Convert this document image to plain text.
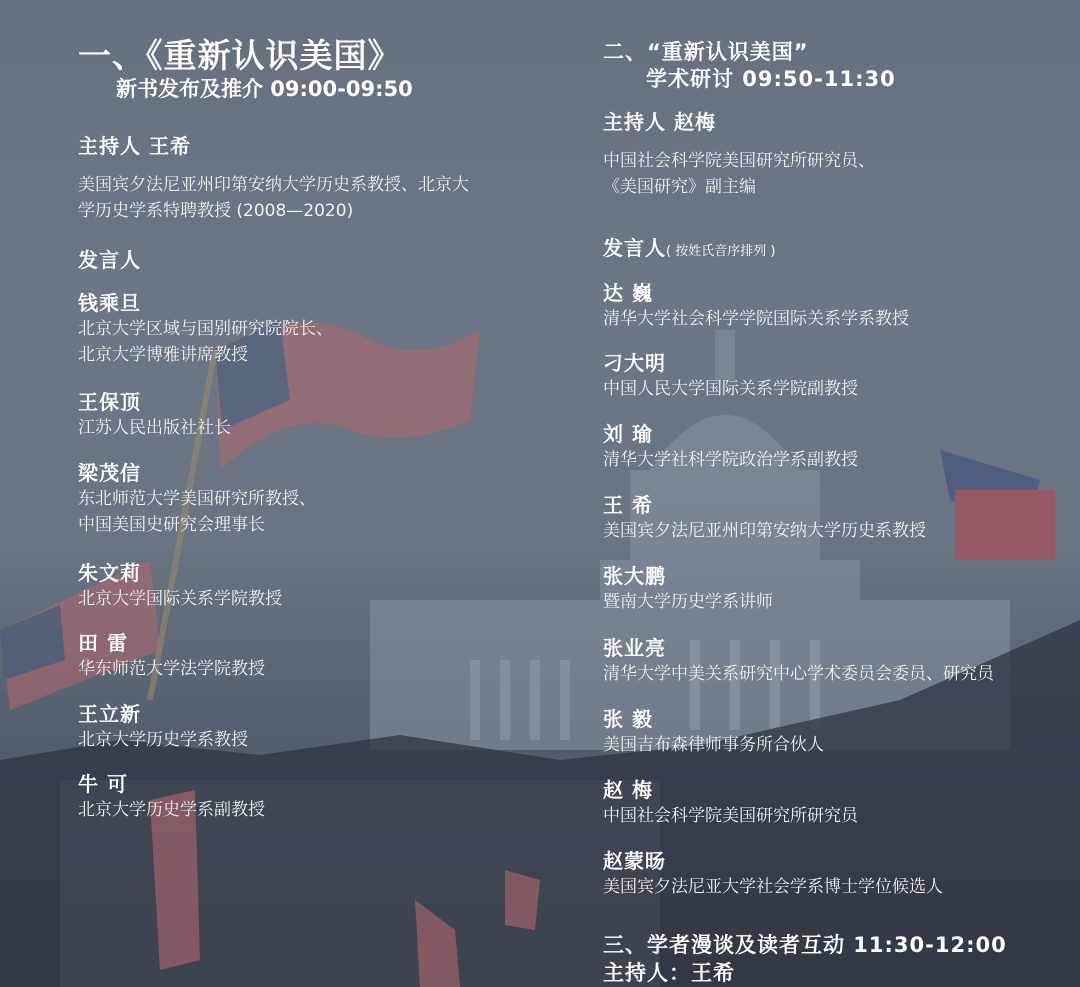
一、《重新认识美国》
新书发布及推介 09:00-09:50
主持人 王希
美国宾夕法尼亚州印第安纳大学历史系教授、北京大
学历史学系特聘教授 (2008—2020)
发言人
钱乘旦
北京大学区域与国别研究院院长、
北京大学博雅讲席教授
王保顶
江苏人民出版社社长
梁茂信
东北师范大学美国研究所教授、
中国美国史研究会理事长
朱文莉
北京大学国际关系学院教授
田 雷
华东师范大学法学院教授
王立新
北京大学历史学系教授
牛 可
北京大学历史学系副教授
二、“重新认识美国”
学术研讨 09:50-11:30
主持人 赵梅
中国社会科学院美国研究所研究员、
《美国研究》副主编
发言人( 按姓氏音序排列 )
达 巍
清华大学社会科学学院国际关系学系教授
刁大明
中国人民大学国际关系学院副教授
刘 瑜
清华大学社科学院政治学系副教授
王 希
美国宾夕法尼亚州印第安纳大学历史系教授
张大鹏
暨南大学历史学系讲师
张业亮
清华大学中美关系研究中心学术委员会委员、研究员
张 毅
美国吉布森律师事务所合伙人
赵 梅
中国社会科学院美国研究所研究员
赵蒙旸
美国宾夕法尼亚大学社会学系博士学位候选人
三、学者漫谈及读者互动 11:30-12:00
主持人：王希
